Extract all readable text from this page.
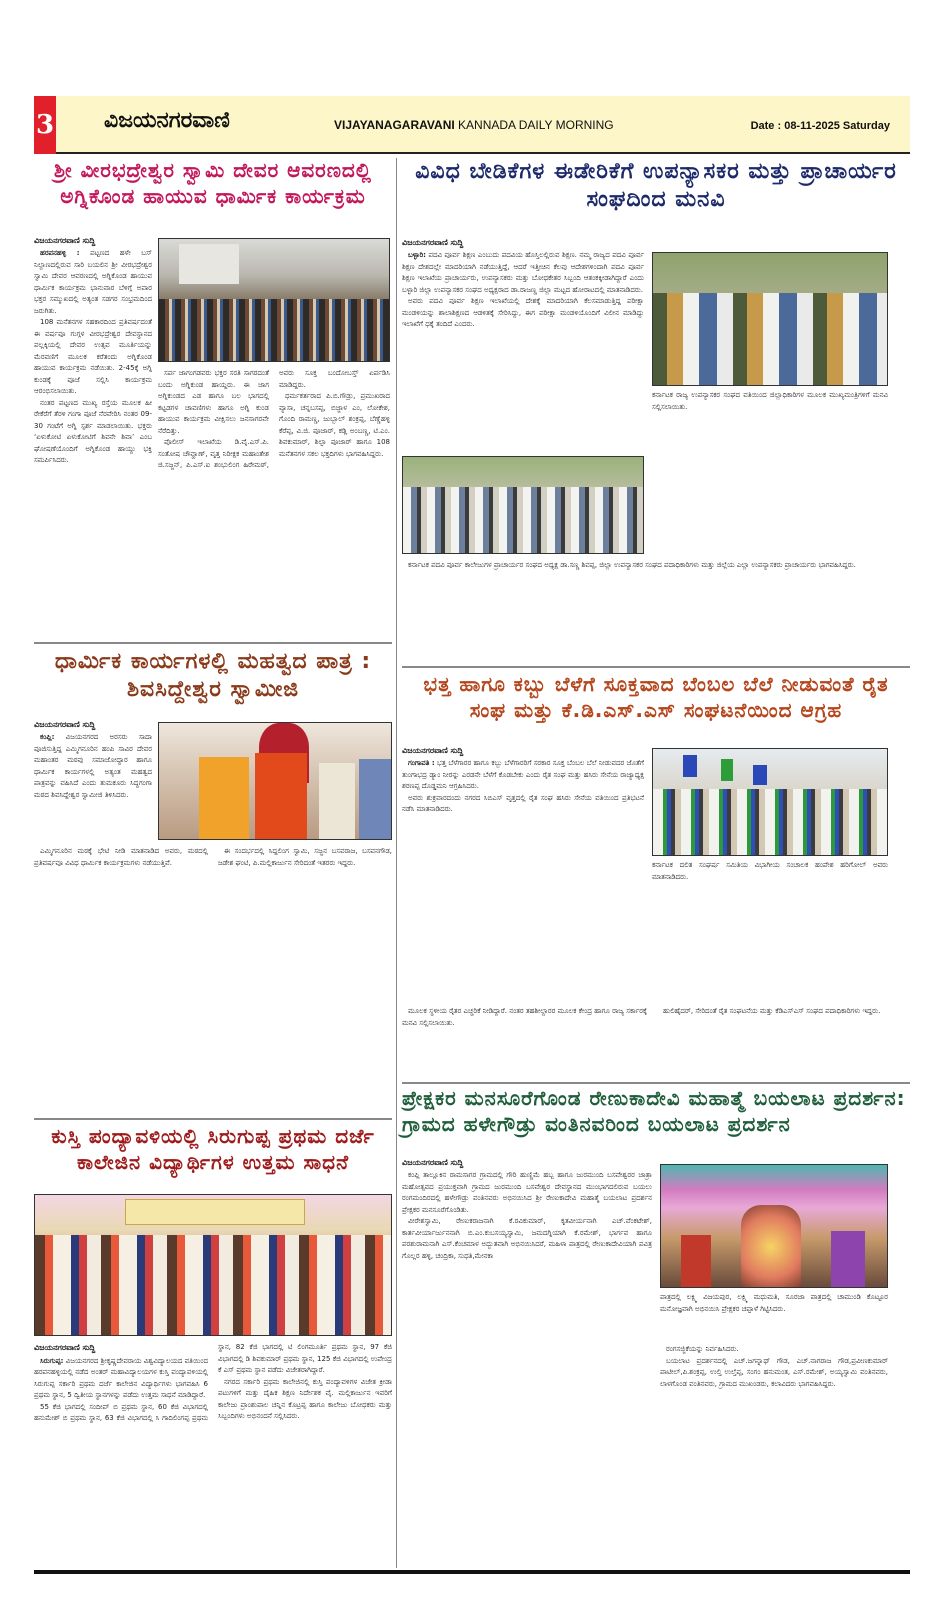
3 ವಿಜಯನಗರವಾಣಿ	VIJAYANAGARAVANI KANNADA DAILY MORNING	Date : 08-11-2025 Saturday
ಶ್ರೀ ವೀರಭದ್ರೇಶ್ವರ ಸ್ವಾಮಿ ದೇವರ ಆವರಣದಲ್ಲಿ ಅಗ್ನಿಕೊಂಡ ಹಾಯುವ ಧಾರ್ಮಿಕ ಕಾರ್ಯಕ್ರಮ
ವಿಜಯನಗರವಾಣಿ ಸುದ್ದಿ

ಹರಪನಹಳ್ಳಿ : ಪಟ್ಟಣದ ಹಳೇ ಬಸ್ ನಿಲ್ದಾಣದಲ್ಲಿರುವ ಸಾರಿ ಬಯಲಿನ ಶ್ರೀ ವೀರಭದ್ರೇಶ್ವರ ಸ್ವಾಮಿ ದೇವರ ಆವರಣದಲ್ಲಿ ಅಗ್ನಿಕೊಂಡ ಹಾಯುವ ಧಾರ್ಮಿಕ ಕಾರ್ಯಕ್ರಮ ಭಾನುವಾರ ಬೆಳಿಗ್ಗೆ ಅಪಾರ ಭಕ್ತರ ಸಮ್ಮುಖದಲ್ಲಿ ಅತ್ಯಂತ ಸಡಗರ ಸಂಭ್ರಮದಿಂದ ಜರುಗಿತು.

108 ಮನೆತನಗಳ ಸಹಕಾರದಿಂದ ಪ್ರತಿವರ್ಷದಂತೆ ಈ ವರ್ಷವೂ ಗುಗ್ಗಳ ವೀರಭದ್ರೇಶ್ವರ ದೇವಸ್ಥಾನದ ಪಲ್ಲಕ್ಕಿಯಲ್ಲಿ ದೇವರ ಉತ್ಸವ ಮೂರ್ತಿಯನ್ನು ಮೆರವಣಿಗೆ ಮೂಲಕ ಕರೆತಂದು ಅಗ್ನಿಕೊಂಡ ಹಾಯುವ ಕಾರ್ಯಕ್ರಮ ನಡೆಯಿತು. 2-45ಕ್ಕೆ ಅಗ್ನಿ ಕುಂಡಕ್ಕೆ ಪೂಜೆ ಸಲ್ಲಿಸಿ ಕಾರ್ಯಕ್ರಮ ಆರಂಭಿಸಲಾಯಿತು.

ನಂತರ ಪಟ್ಟಣದ ಮುಖ್ಯ ರಸ್ತೆಯ ಮೂಲಕ ಹೀ ರೇಕೆರೆಗೆ ತೆರಳಿ ಗಂಗಾ ಪೂಜೆ ನೆರವೇರಿಸಿ ನಂತರ 09-30 ಗಂಟೆಗೆ ಅಗ್ನಿ ಸ್ಪರ್ಶ ಮಾಡಲಾಯಿತು. ಭಕ್ತರು ‘ಏಳುಕೋಟಿ ಏಳುಕೋಟಿಗೆ ಶಿವನೇ ಶಿವಾ’ ಎಂಬ ಘೋಷಣೆಯೊಂದಿಗೆ ಅಗ್ನಿಕೊಂಡ ಹಾಯ್ದು ಭಕ್ತಿ ಸಮರ್ಪಿಸಿದರು.

ಸರ್ಪ ಜಾಗಂಗಡವರು ಭಕ್ತರ ಸರತಿ ಸಾಗರದಂತೆ ಬಂದು ಅಗ್ನಿಕುಂಡ ಹಾಯ್ದರು. ಈ ಜಾಗ ಅಗ್ನಿಕುಂಡದ ಎಡ ಹಾಗೂ ಬಲ ಭಾಗದಲ್ಲಿ ಕಟ್ಟಡಗಳ ಚಾವಣಿಗಳು ಹಾಗೂ ಅಗ್ನಿ ಕುಂಡ ಹಾಯುವ ಕಾರ್ಯಕ್ರಮ ವೀಕ್ಷಿಸಲು ಜನಸಾಗರವೇ ನೆರೆದಿತ್ತು.

ಪೊಲೀಸ್ ಇಲಾಖೆಯ ಡಿ.ವೈ.ಎಸ್.ಪಿ. ಸಂತೋಷ ಚೌವ್ಹಾಣ್, ವೃತ್ತ ನಿರೀಕ್ಷಕ ಮಹಾಂತೇಶ ಜಿ.ಸಜ್ಜನ್, ಪಿ.ಎಸ್.ಐ ಶಂಭುಲಿಂಗ ಹಿರೇಮಠ್, ಅವರು ಸೂಕ್ತ ಬಂದೋಬಸ್ತ್ ಏರ್ಪಡಿಸಿ ಮಾಡಿದ್ದರು.

ಧರ್ಮಕರ್ತರಾದ ಪಿ.ಬಿ.ಗೌಡ್ರು, ಪ್ರಮುಖರಾದ ವ್ಯಾಸಾ, ಚನ್ನಬಸಪ್ಪ, ಬಿಜ್ಜಾಳ ಎಂ, ಲೋಕೇಶ, ಗೊಂದಿ ರಾಮಣ್ಣ, ಜುಬ್ಬಾಲ್ ಶಂಕ್ರಪ್ಪ, ಬೆಣ್ಣೆಹಳ್ಳಿ ಕೆರೆಪ್ಪ, ವಿ.ಜಿ. ಪೂಜಾರ್, ಕಡ್ಲಿ ಅಂಬಣ್ಣ, ಟಿ.ಎಂ. ಶಿವಕುಮಾರ್, ಶಿಲ್ಪಾ ಪೂಜಾರ್ ಹಾಗೂ 108 ಮನೆತನಗಳ ಸಕಲ ಭಕ್ತದಿಗಳು ಭಾಗವಹಿಸಿದ್ದರು.

ವಿವಿಧ ಬೇಡಿಕೆಗಳ ಈಡೇರಿಕೆಗೆ ಉಪನ್ಯಾಸಕರ ಮತ್ತು ಪ್ರಾಚಾರ್ಯರ ಸಂಘದಿಂದ ಮನವಿ
ವಿಜಯನಗರವಾಣಿ ಸುದ್ದಿ

ಬಳ್ಳಾರಿ: ಪದವಿ ಪೂರ್ವ ಶಿಕ್ಷಣ ಎಂಬುದು ಪದವಿಯ ಹೊಸ್ತಿಲಲ್ಲಿರುವ ಶಿಕ್ಷಣ. ನಮ್ಮ ರಾಜ್ಯದ ಪದವಿ ಪೂರ್ವ ಶಿಕ್ಷಣ ದೇಶದಲ್ಲೇ ಮಾದರಿಯಾಗಿ ನಡೆಯುತ್ತಿದ್ದೆ, ಆದರೆ ಇತ್ತೀಚಿನ ಕೆಲವು ಆದೇಶಗಳಿಂದಾಗಿ ಪದವಿ ಪೂರ್ವ ಶಿಕ್ಷಣ ಇಲಾಖೆಯ ಪ್ರಾಚಾರ್ಯರು, ಉಪನ್ಯಾಸಕರು ಮತ್ತು ಬೋಧಕೇತರ ಸಿಬ್ಬಂದಿ ಆತಂಕಕ್ಕೀಡಾಗಿದ್ದಾರೆ ಎಂದು ಬಳ್ಳಾರಿ ಜಿಲ್ಲಾ ಉಪನ್ಯಾಸಕರ ಸಂಘದ ಅಧ್ಯಕ್ಷರಾದ ಡಾ.ರಾಜಣ್ಣ ಜಿಲ್ಲಾ ಮಟ್ಟದ ಹೋರಾಟದಲ್ಲಿ ಮಾತನಾಡಿದರು.

ಅವರು ಪದವಿ ಪೂರ್ವ ಶಿಕ್ಷಣ ಇಲಾಖೆಯಲ್ಲಿ ದೇಶಕ್ಕೆ ಮಾದರಿಯಾಗಿ ಕೆಲಸಮಾಡುತ್ತಿದ್ದ ಪರೀಕ್ಷಾ ಮಂಡಳಿಯನ್ನು ಶಾಲಾಶಿಕ್ಷಣದ ಆಡಳಿತಕ್ಕೆ ಸೇರಿಸಿದ್ದು, ಈಗ ಪರೀಕ್ಷಾ ಮಂಡಳಿಯೊಂದಿಗೆ ವಿಲೀನ ಮಾಡಿದ್ದು ಇಲಾಖೆಗೆ ಧಕ್ಕೆ ತಂದಿದೆ ಎಂದರು.

ಕರ್ನಾಟಕ ರಾಜ್ಯ ಉಪನ್ಯಾಸಕರ ಸಂಘದ ವತಿಯಿಂದ ಜಿಲ್ಲಾಧಿಕಾರಿಗಳ ಮೂಲಕ ಮುಖ್ಯಮಂತ್ರಿಗಳಿಗೆ ಮನವಿ ಸಲ್ಲಿಸಲಾಯಿತು.

ಕರ್ನಾಟಕ ಪದವಿ ಪೂರ್ವ ಕಾಲೇಜುಗಳ ಪ್ರಾಚಾರ್ಯರ ಸಂಘದ ಅಧ್ಯಕ್ಷ ಡಾ.ಸಣ್ಣ ಶಿವಪ್ಪ, ಜಿಲ್ಲಾ ಉಪನ್ಯಾಸಕರ ಸಂಘದ ಪದಾಧಿಕಾರಿಗಳು ಮತ್ತು ಜಿಲ್ಲೆಯ ಎಲ್ಲಾ ಉಪನ್ಯಾಸಕರು ಪ್ರಾಚಾರ್ಯರು ಭಾಗವಹಿಸಿದ್ದರು.

ಧಾರ್ಮಿಕ ಕಾರ್ಯಗಳಲ್ಲಿ ಮಹತ್ವದ ಪಾತ್ರ : ಶಿವಸಿದ್ದೇಶ್ವರ ಸ್ವಾಮೀಜಿ
ವಿಜಯನಗರವಾಣಿ ಸುದ್ದಿ

ಕಂಪ್ಲಿ: ವಿಜಯನಗರದ ಅರಸರು ಸಾದಾ ಪೂಜಿಸುತ್ತಿದ್ದ ಎಮ್ಮಿಗನೂರಿನ ಹಂಪಿ ಸಾವಿರ ದೇವರ ಮಹಾಂತರ ಮಠವು ಸಮಾಜೋದ್ಧಾರ ಹಾಗೂ ಧಾರ್ಮಿಕ ಕಾರ್ಯಗಳಲ್ಲಿ ಅತ್ಯಂತ ಮಹತ್ವದ ಪಾತ್ರವನ್ನು ವಹಿಸಿದೆ ಎಂದು ತುಮಕೂರು ಸಿದ್ಧಗಂಗಾ ಮಠದ ಶಿವಸಿದ್ದೇಶ್ವರ ಸ್ವಾಮೀಜಿ ತಿಳಿಸಿದರು.

ಎಮ್ಮಿಗನೂರಿನ ಮಠಕ್ಕೆ ಭೇಟಿ ನೀಡಿ ಮಾತನಾಡಿದ ಅವರು, ಮಠದಲ್ಲಿ ಪ್ರತಿವರ್ಷವೂ ವಿವಿಧ ಧಾರ್ಮಿಕ ಕಾರ್ಯಕ್ರಮಗಳು ನಡೆಯುತ್ತಿವೆ.

ಈ ಸಂದರ್ಭದಲ್ಲಿ ಸಿದ್ದಲಿಂಗ ಸ್ವಾಮಿ, ಸಜ್ಜನ ಬಸವರಾಜ, ಬಸವನಗೌಡ, ಜಡೇಶ ಘಂಟಿ, ಪಿ.ಮಲ್ಲಿಕಾರ್ಜುನ ಸೇರಿದಂತೆ ಇತರರು ಇದ್ದರು.

ಭತ್ತ ಹಾಗೂ ಕಬ್ಬು ಬೆಳೆಗೆ ಸೂಕ್ತವಾದ ಬೆಂಬಲ ಬೆಲೆ ನೀಡುವಂತೆ ರೈತ ಸಂಘ ಮತ್ತು ಕೆ.ಡಿ.ಎಸ್.ಎಸ್ ಸಂಘಟನೆಯಿಂದ ಆಗ್ರಹ
ವಿಜಯನಗರವಾಣಿ ಸುದ್ದಿ

ಗಂಗಾವತಿ : ಭತ್ತ ಬೆಳೆಗಾರರ ಹಾಗೂ ಕಬ್ಬು ಬೆಳೆಗಾರರಿಗೆ ಸರಕಾರ ಸೂಕ್ತ ಬೆಂಬಲ ಬೆಲೆ ನೀಡುವದರ ಜೊತೆಗೆ ತುಂಗಾಭದ್ರ ಡ್ಯಾಂ ನೀರನ್ನು ಎರಡನೇ ಬೆಳೆಗೆ ಕೊಡಬೇಕು ಎಂದು ರೈತ ಸಂಘ ಮತ್ತು ಹಸಿರು ಸೇನೆಯ ರಾಜ್ಯಾಧ್ಯಕ್ಷ ಶರಣಪ್ಪ ದೊಡ್ಡಮನಿ ಆಗ್ರಹಿಸಿದರು.

ಅವರು ಶುಕ್ರವಾರದಂದು ನಗರದ ಸಿಬಿಎಸ್ ವೃತ್ತದಲ್ಲಿ ರೈತ ಸಂಘ ಹಸಿರು ಸೇನೆಯ ವತಿಯಿಂದ ಪ್ರತಿಭಟನೆ ನಡೆಸಿ ಮಾತನಾಡಿದರು.

ಕರ್ನಾಟಕ ದಲಿತ ಸಂಘರ್ಷ ಸಮಿತಿಯ ವಿಭಾಗೀಯ ಸಂಚಾಲಕ ಹಂಪೇಶ ಹರಿಗೋಲ್ ಅವರು ಮಾತನಾಡಿದರು.

ಮೂಲಕ ಸ್ಥಳೀಯ ರೈತರ ಎಚ್ಚರಿಕೆ ನೀಡಿದ್ದಾರೆ. ನಂತರ ತಹಶೀಲ್ದಾರರ ಮೂಲಕ ಕೇಂದ್ರ ಹಾಗೂ ರಾಜ್ಯ ಸರ್ಕಾರಕ್ಕೆ ಮನವಿ ಸಲ್ಲಿಸಲಾಯಿತು.

ಹುಲಿಹೈದರ್, ಸೇರಿದಂತೆ ರೈತ ಸಂಘಟನೆಯ ಮತ್ತು ಕೆಡಿಎಸ್‌ಎಸ್ ಸಂಘದ ಪದಾಧಿಕಾರಿಗಳು ಇದ್ದರು.

ಪ್ರೇಕ್ಷಕರ ಮನಸೂರೆಗೊಂಡ ರೇಣುಕಾದೇವಿ ಮಹಾತ್ಮೆ ಬಯಲಾಟ ಪ್ರದರ್ಶನ: ಗ್ರಾಮದ ಹಳೇಗೌಡ್ರು ವಂತಿನವರಿಂದ ಬಯಲಾಟ ಪ್ರದರ್ಶನ
ವಿಜಯನಗರವಾಣಿ ಸುದ್ದಿ

ಕಂಪ್ಲಿ ತಾಲ್ಲೂಕಿನ ರಾಮಸಾಗರ ಗ್ರಾಮದಲ್ಲಿ ಗೌರಿ ಹುಣ್ಣಿಮೆ ಹಬ್ಬ ಹಾಗೂ ಜುರಮುಂದಿ ಬಸವೇಶ್ವರರ ಜಾತ್ರಾ ಮಹೋತ್ಸವದ ಪ್ರಯುಕ್ತವಾಗಿ ಗ್ರಾಮದ ಜುರಮುಂದಿ ಬಸವೇಶ್ವರ ದೇವಸ್ಥಾನದ ಮುಂಭಾಗದಲಿರುವ ಬಯಲು ರಂಗಮಂದಿರದಲ್ಲಿ ಹಳೇಗೌಡ್ರು ವಂತಿನವರು ಅಭಿನಯಿಸಿದ ಶ್ರೀ ರೇಣುಕಾದೇವಿ ಮಹಾತ್ಮೆ ಬಯಲಾಟ ಪ್ರದರ್ಶನ ಪ್ರೇಕ್ಷಕರ ಮನಸೂರೆಗೊಂಡಿತು.

ವೀರೇಶಸ್ವಾಮಿ, ರೇಣುಕರಾಜನಾಗಿ ಕೆ.ರವಿಕುಮಾರ್, ಕೃತವೀರ್ಯನಾಗಿ ಎಚ್.ವೆಂಕಟೇಶ್, ಕಾರ್ತವೀರ್ಯಾರ್ಜುನನಾಗಿ ಬಿ.ಎಂ.ಕುಬಸಯ್ಯಸ್ವಾಮಿ, ಜಮದಗ್ನಿಯಾಗಿ ಕೆ.ರಮೇಶ್, ಭಾರ್ಗವ ಹಾಗೂ ಪರಶುರಾಮನಾಗಿ ಎಸ್.ಕೆಂಚಮಾಳ ಅದ್ಭುತವಾಗಿ ಅಭಿನಯಿಸಿದರೆ, ಮಹಿಳಾ ಪಾತ್ರದಲ್ಲಿ ರೇಣುಕಾದೇವಿಯಾಗಿ ಪವಿತ್ರ ಗೊಲ್ಲರ ಹಳ್ಳಿ, ಚಂದ್ರಿಕಾ, ಸುಧತಿ,ಮೇನಕಾ

ಪಾತ್ರದಲ್ಲಿ ಲಕ್ಷ್ಮಿ ವಿಜಯಪುರ, ಲಕ್ಷ್ಮಿ ಮಧುಮತಿ, ಸೂರಜಾ ಪಾತ್ರದಲ್ಲಿ ಚಾಮುಂಡಿ ಕೊಟ್ಟೂರ ಮನೋಜ್ಞವಾಗಿ ಅಭಿನಯಿಸಿ ಪ್ರೇಕ್ಷಕರ ಚಪ್ಪಾಳೆ ಗಿಟ್ಟಿಸಿದರು.

ರಂಗಸಜ್ಜಿಕೆಯನ್ನು ನಿರ್ವಹಿಸಿದರು.

ಬಯಲಾಟ ಪ್ರದರ್ಶನದಲ್ಲಿ ಎಚ್.ಜಗನ್ನಾಥ್ ಗೌಡ, ಎಚ್.ನಾಗರಾಜ ಗೌಡ,ಪ್ರವೀಣಕುಮಾರ್ ಪಾಟೀಲ್,ಪಿ.ಶಂಕ್ರಪ್ಪ, ಉಲ್ತಿ ಉಲ್ತೆಪ್ಪ, ಸಂಗಂ ಹನುಮಂತ, ಎಸ್.ರಮೇಶ್, ಅಯ್ಯಸ್ವಾಮಿ ವಂತಿನವರು, ಲಾಳಗೊಂಡ ವಂತಿನವರು, ಗ್ರಾಮದ ಮುಖಂಡರು, ಕಲಾವಿದರು ಭಾಗವಹಿಸಿದ್ದರು.

ಕುಸ್ತಿ ಪಂದ್ಯಾವಳಿಯಲ್ಲಿ ಸಿರುಗುಪ್ಪ ಪ್ರಥಮ ದರ್ಜೆ ಕಾಲೇಜಿನ ವಿದ್ಯಾರ್ಥಿಗಳ ಉತ್ತಮ ಸಾಧನೆ
ವಿಜಯನಗರವಾಣಿ ಸುದ್ದಿ

ಸಿರುಗುಪ್ಪ: ವಿಜಯನಗರದ ಶ್ರೀಕೃಷ್ಣದೇವರಾಯ ವಿಶ್ವವಿದ್ಯಾಲಯದ ವತಿಯಿಂದ ಹರಪನಹಳ್ಳಿಯಲ್ಲಿ ನಡೆದ ಅಂತರ್ ಮಹಾವಿದ್ಯಾಲಯಗಳ ಕುಸ್ತಿ ಪಂದ್ಯಾವಳಿಯಲ್ಲಿ ಸಿರುಗುಪ್ಪ ಸರ್ಕಾರಿ ಪ್ರಥಮ ದರ್ಜೆ ಕಾಲೇಜಿನ ವಿದ್ಯಾರ್ಥಿಗಳು ಭಾಗವಹಿಸಿ 6 ಪ್ರಥಮ ಸ್ಥಾನ, 5 ದ್ವಿತೀಯ ಸ್ಥಾನಗಳನ್ನು ಪಡೆದು ಉತ್ತಮ ಸಾಧನೆ ಮಾಡಿದ್ದಾರೆ.

55 ಕೆಜಿ ಭಾಗದಲ್ಲಿ ಸಂದೀಪ್ ಬಿ ಪ್ರಥಮ ಸ್ಥಾನ, 60 ಕೆಜಿ ವಿಭಾಗದಲ್ಲಿ ಹನುಮೇಶ್ ಬಿ ಪ್ರಥಮ ಸ್ಥಾನ, 63 ಕೆಜಿ ವಿಭಾಗದಲ್ಲಿ ಸಿ ಗಾದಿಲಿಂಗಪ್ಪ ಪ್ರಥಮ ಸ್ಥಾನ, 82 ಕೆಜಿ ಭಾಗದಲ್ಲಿ ಟಿ ಲಿಂಗಮೂರ್ತಿ ಪ್ರಥಮ ಸ್ಥಾನ, 97 ಕೆಜಿ ವಿಭಾಗದಲ್ಲಿ ಡಿ ಶಿವಕುಮಾರ್ ಪ್ರಥಮ ಸ್ಥಾನ, 125 ಕೆಜಿ ವಿಭಾಗದಲ್ಲಿ ಉಪೇಂದ್ರ ಕೆ ಎಸ್ ಪ್ರಥಮ ಸ್ಥಾನ ಪಡೆದು ವಿಜೇತರಾಗಿದ್ದಾರೆ.

ನಗರದ ಸರ್ಕಾರಿ ಪ್ರಥಮ ಕಾಲೇಜಿನಲ್ಲಿ ಕುಸ್ತಿ ಪಂದ್ಯಾವಳಿಗಳ ವಿಜೇತ ಕ್ರೀಡಾ ಪಟುಗಳಿಗೆ ಮತ್ತು ದೈಹಿಕ ಶಿಕ್ಷಣ ನಿರ್ದೇಶಕ ವೈ. ಮಲ್ಲಿಕಾರ್ಜುನ ಇವರಿಗೆ ಕಾಲೇಜು ಪ್ರಾಂಶುಪಾಲ ಚನ್ನಿನ ಕೊಟ್ರಪ್ಪ ಹಾಗೂ ಕಾಲೇಜು ಬೋಧಕರು ಮತ್ತು ಸಿಬ್ಬಂದಿಗಳು ಅಭಿನಂದನೆ ಸಲ್ಲಿಸಿದರು.
